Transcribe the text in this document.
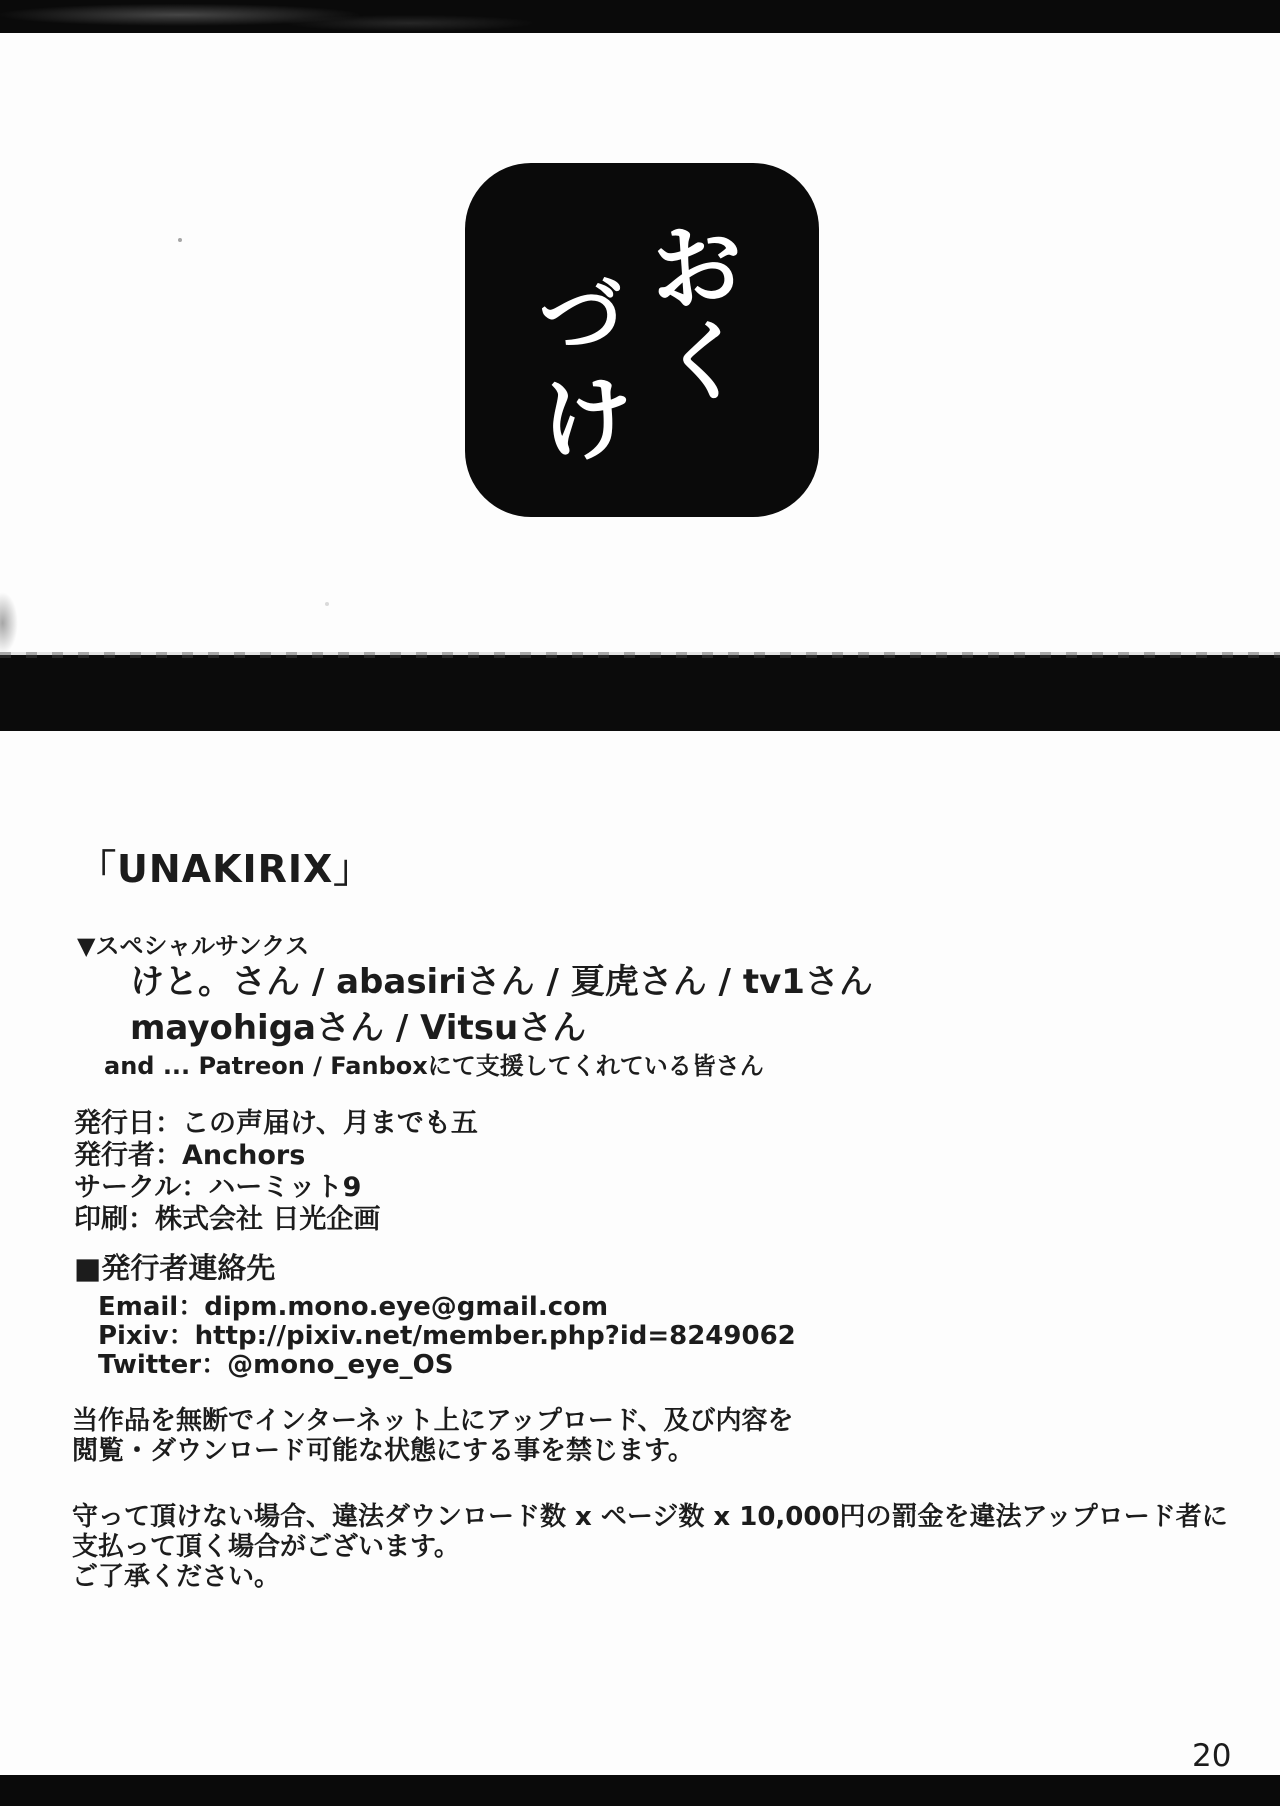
お
く
づ
け
「UNAKIRIX」
▼スペシャルサンクス
けと。さん / abasiriさん / 夏虎さん / tv1さん
mayohigaさん / Vitsuさん
and ... Patreon / Fanboxにて支援してくれている皆さん
発行日：この声届け、月までも五
発行者：Anchors
サークル：ハーミット9
印刷：株式会社 日光企画
■発行者連絡先
Email：dipm.mono.eye@gmail.com
Pixiv：http://pixiv.net/member.php?id=8249062
Twitter：@mono_eye_OS
当作品を無断でインターネット上にアップロード、及び内容を
閲覧・ダウンロード可能な状態にする事を禁じます。
守って頂けない場合、違法ダウンロード数 x ページ数 x 10,000円の罰金を違法アップロード者に
支払って頂く場合がございます。
ご了承ください。
20
